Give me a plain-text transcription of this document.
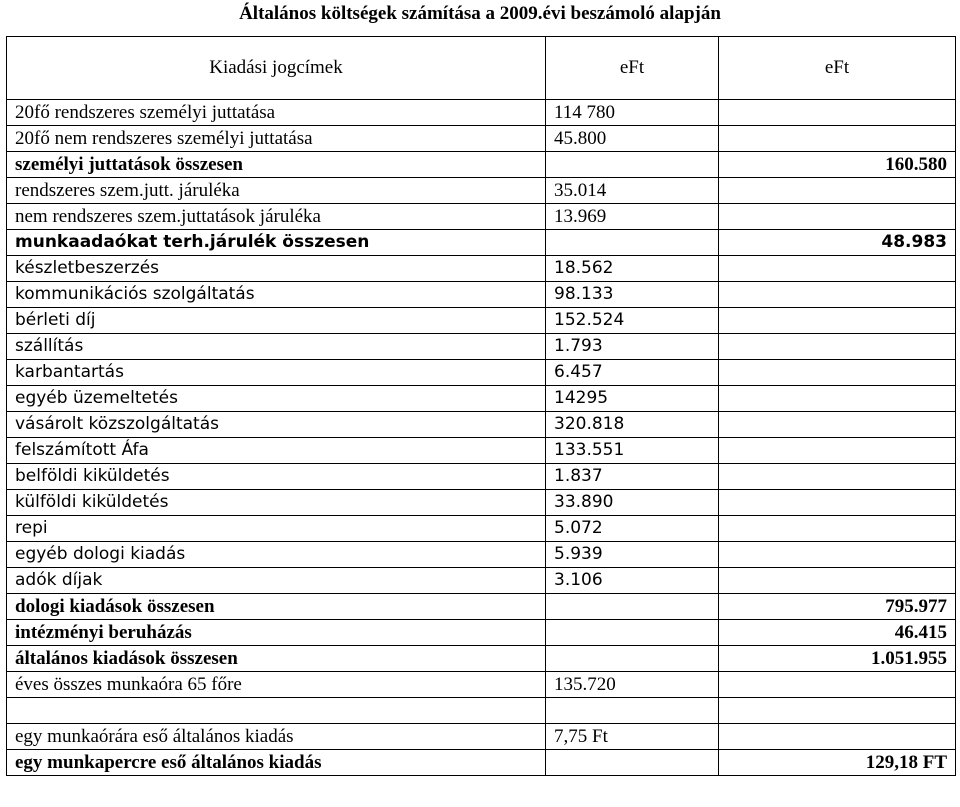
Általános költségek számítása a 2009.évi beszámoló alapján
Kiadási jogcímek	eFt	eFt
20fő rendszeres személyi juttatása	114 780	
20fő nem rendszeres személyi juttatása	45.800	
személyi juttatások összesen		160.580
rendszeres szem.jutt. járuléka	35.014	
nem rendszeres szem.juttatások járuléka	13.969	
munkaadaókat terh.járulék összesen		48.983
készletbeszerzés	18.562	
kommunikációs szolgáltatás	98.133	
bérleti díj	152.524	
szállítás	1.793	
karbantartás	6.457	
egyéb üzemeltetés	14295	
vásárolt közszolgáltatás	320.818	
felszámított Áfa	133.551	
belföldi kiküldetés	1.837	
külföldi kiküldetés	33.890	
repi	5.072	
egyéb dologi kiadás	5.939	
adók díjak	3.106	
dologi kiadások összesen		795.977
intézményi beruházás		46.415
általános kiadások összesen		1.051.955
éves összes munkaóra 65 főre	135.720	

egy munkaórára eső általános kiadás	7,75 Ft	
egy munkapercre eső általános kiadás		129,18 FT
